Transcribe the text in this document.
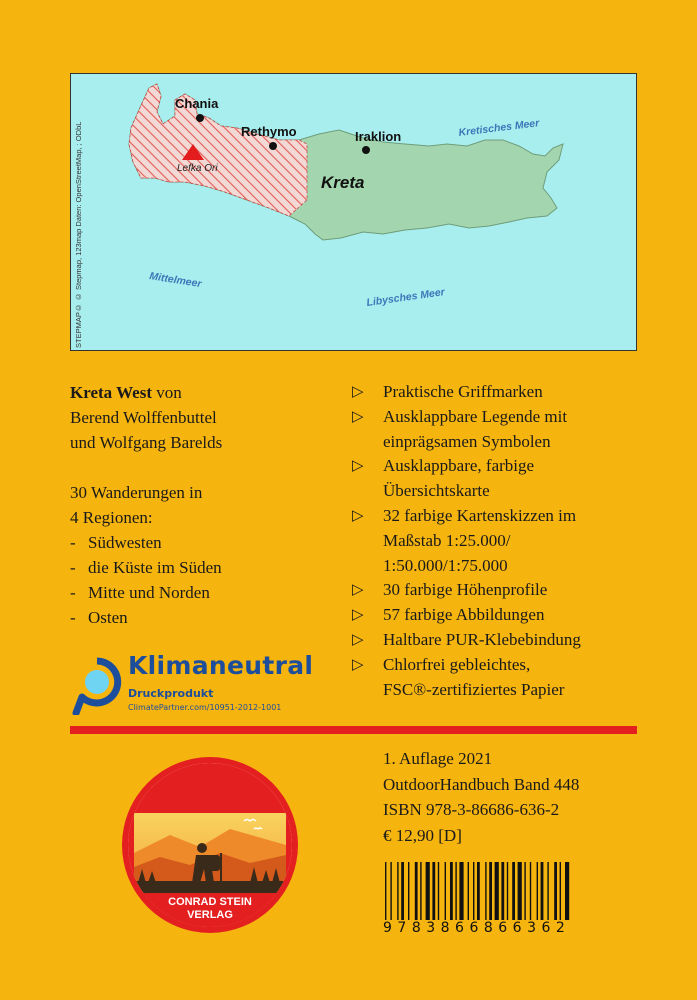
Chania
Rethymo	Iraklion
Kreta
Lefka Ori
Kretisches Meer
Mittelmeer
Libysches Meer
STEPMAP© © Stepmap, 123map Daten: OpenStreetMap, ; ODbL

Kreta West von

Berend Wolffenbuttel

und Wolfgang Barelds

30 Wanderungen in

4 Regionen:

- Südwesten
- die Küste im Süden
- Mitte und Norden
- Osten
▷	Praktische Griffmarken
▷	Ausklappbare Legende mit
einprägsamen Symbolen
▷	Ausklappbare, farbige
Übersichtskarte
▷	32 farbige Kartenskizzen im
Maßstab 1:25.000/
1:50.000/1:75.000
▷	30 farbige Höhenprofile
▷	57 farbige Abbildungen
▷	Haltbare PUR-Klebebindung
▷	Chlorfrei gebleichtes,
FSC®-zertifiziertes Papier
Klimaneutral
Druckprodukt
ClimatePartner.com/10951-2012-1001
OUTDOOR
CONRAD STEIN
VERLAG
1. Auflage 2021
OutdoorHandbuch Band 448
ISBN 978-3-86686-636-2
€ 12,90 [D]
9783866866362
